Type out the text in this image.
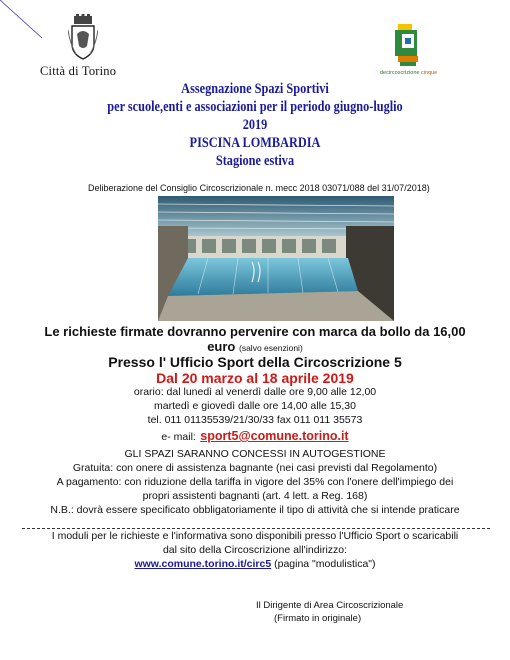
Città di Torino	decircoscrizione cinque
Assegnazione Spazi Sportivi
per scuole,enti e associazioni per il periodo giugno-luglio 2019
PISCINA LOMBARDIA
Stagione estiva
Deliberazione del Consiglio Circoscrizionale n. mecc 2018 03071/088 del 31/07/2018)
Le richieste firmate dovranno pervenire con marca da bollo da 16,00
euro (salvo esenzioni)
Presso l' Ufficio Sport della Circoscrizione 5
Dal 20 marzo al 18 aprile 2019
orario: dal lunedì al venerdì dalle ore 9,00 alle 12,00
martedì e giovedì dalle ore 14,00 alle 15,30
tel. 011 01135539/21/30/33 fax 011 011 35573
e- mail: sport5@comune.torino.it
GLI SPAZI SARANNO CONCESSI IN AUTOGESTIONE
Gratuita: con onere di assistenza bagnante (nei casi previsti dal Regolamento)
A pagamento: con riduzione della tariffa in vigore del 35% con l'onere dell'impiego dei
propri assistenti bagnanti (art. 4 lett. a Reg. 168)
N.B.: dovrà essere specificato obbligatoriamente il tipo di attività che si intende praticare
I moduli per le richieste e l'informativa sono disponibili presso l'Ufficio Sport o scaricabili
dal sito della Circoscrizione all'indirizzo:
www.comune.torino.it/circ5 (pagina "modulistica")
Il Dirigente di Area Circoscrizionale
(Firmato in originale)
